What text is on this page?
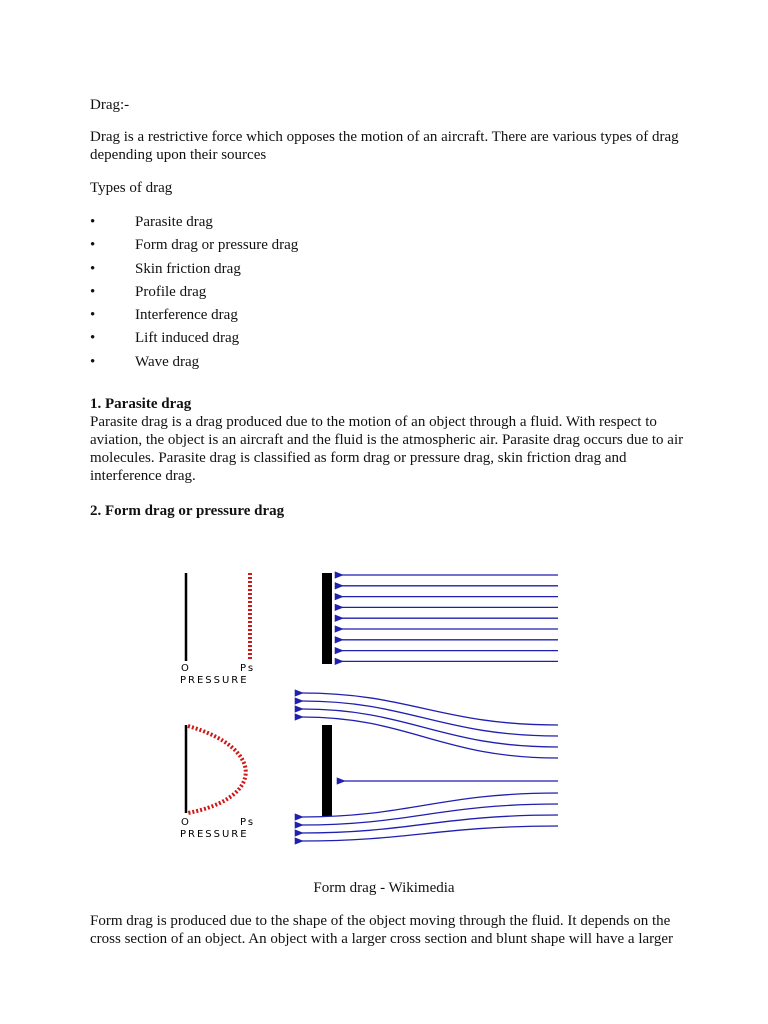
Drag:-

Drag is a restrictive force which opposes the motion of an aircraft. There are various types of drag depending upon their sources

Types of drag

•	Parasite drag
•	Form drag or pressure drag
•	Skin friction drag
•	Profile drag
•	Interference drag
•	Lift induced drag
•	Wave drag

1. Parasite drag

Parasite drag is a drag produced due to the motion of an object through a fluid. With respect to aviation, the object is an aircraft and the fluid is the atmospheric air. Parasite drag occurs due to air molecules. Parasite drag is classified as form drag or pressure drag, skin friction drag and interference drag.

2. Form drag or pressure drag

O	Ps
PRESSURE
O	Ps
PRESSURE

Form drag - Wikimedia

Form drag is produced due to the shape of the object moving through the fluid. It depends on the cross section of an object. An object with a larger cross section and blunt shape will have a larger
